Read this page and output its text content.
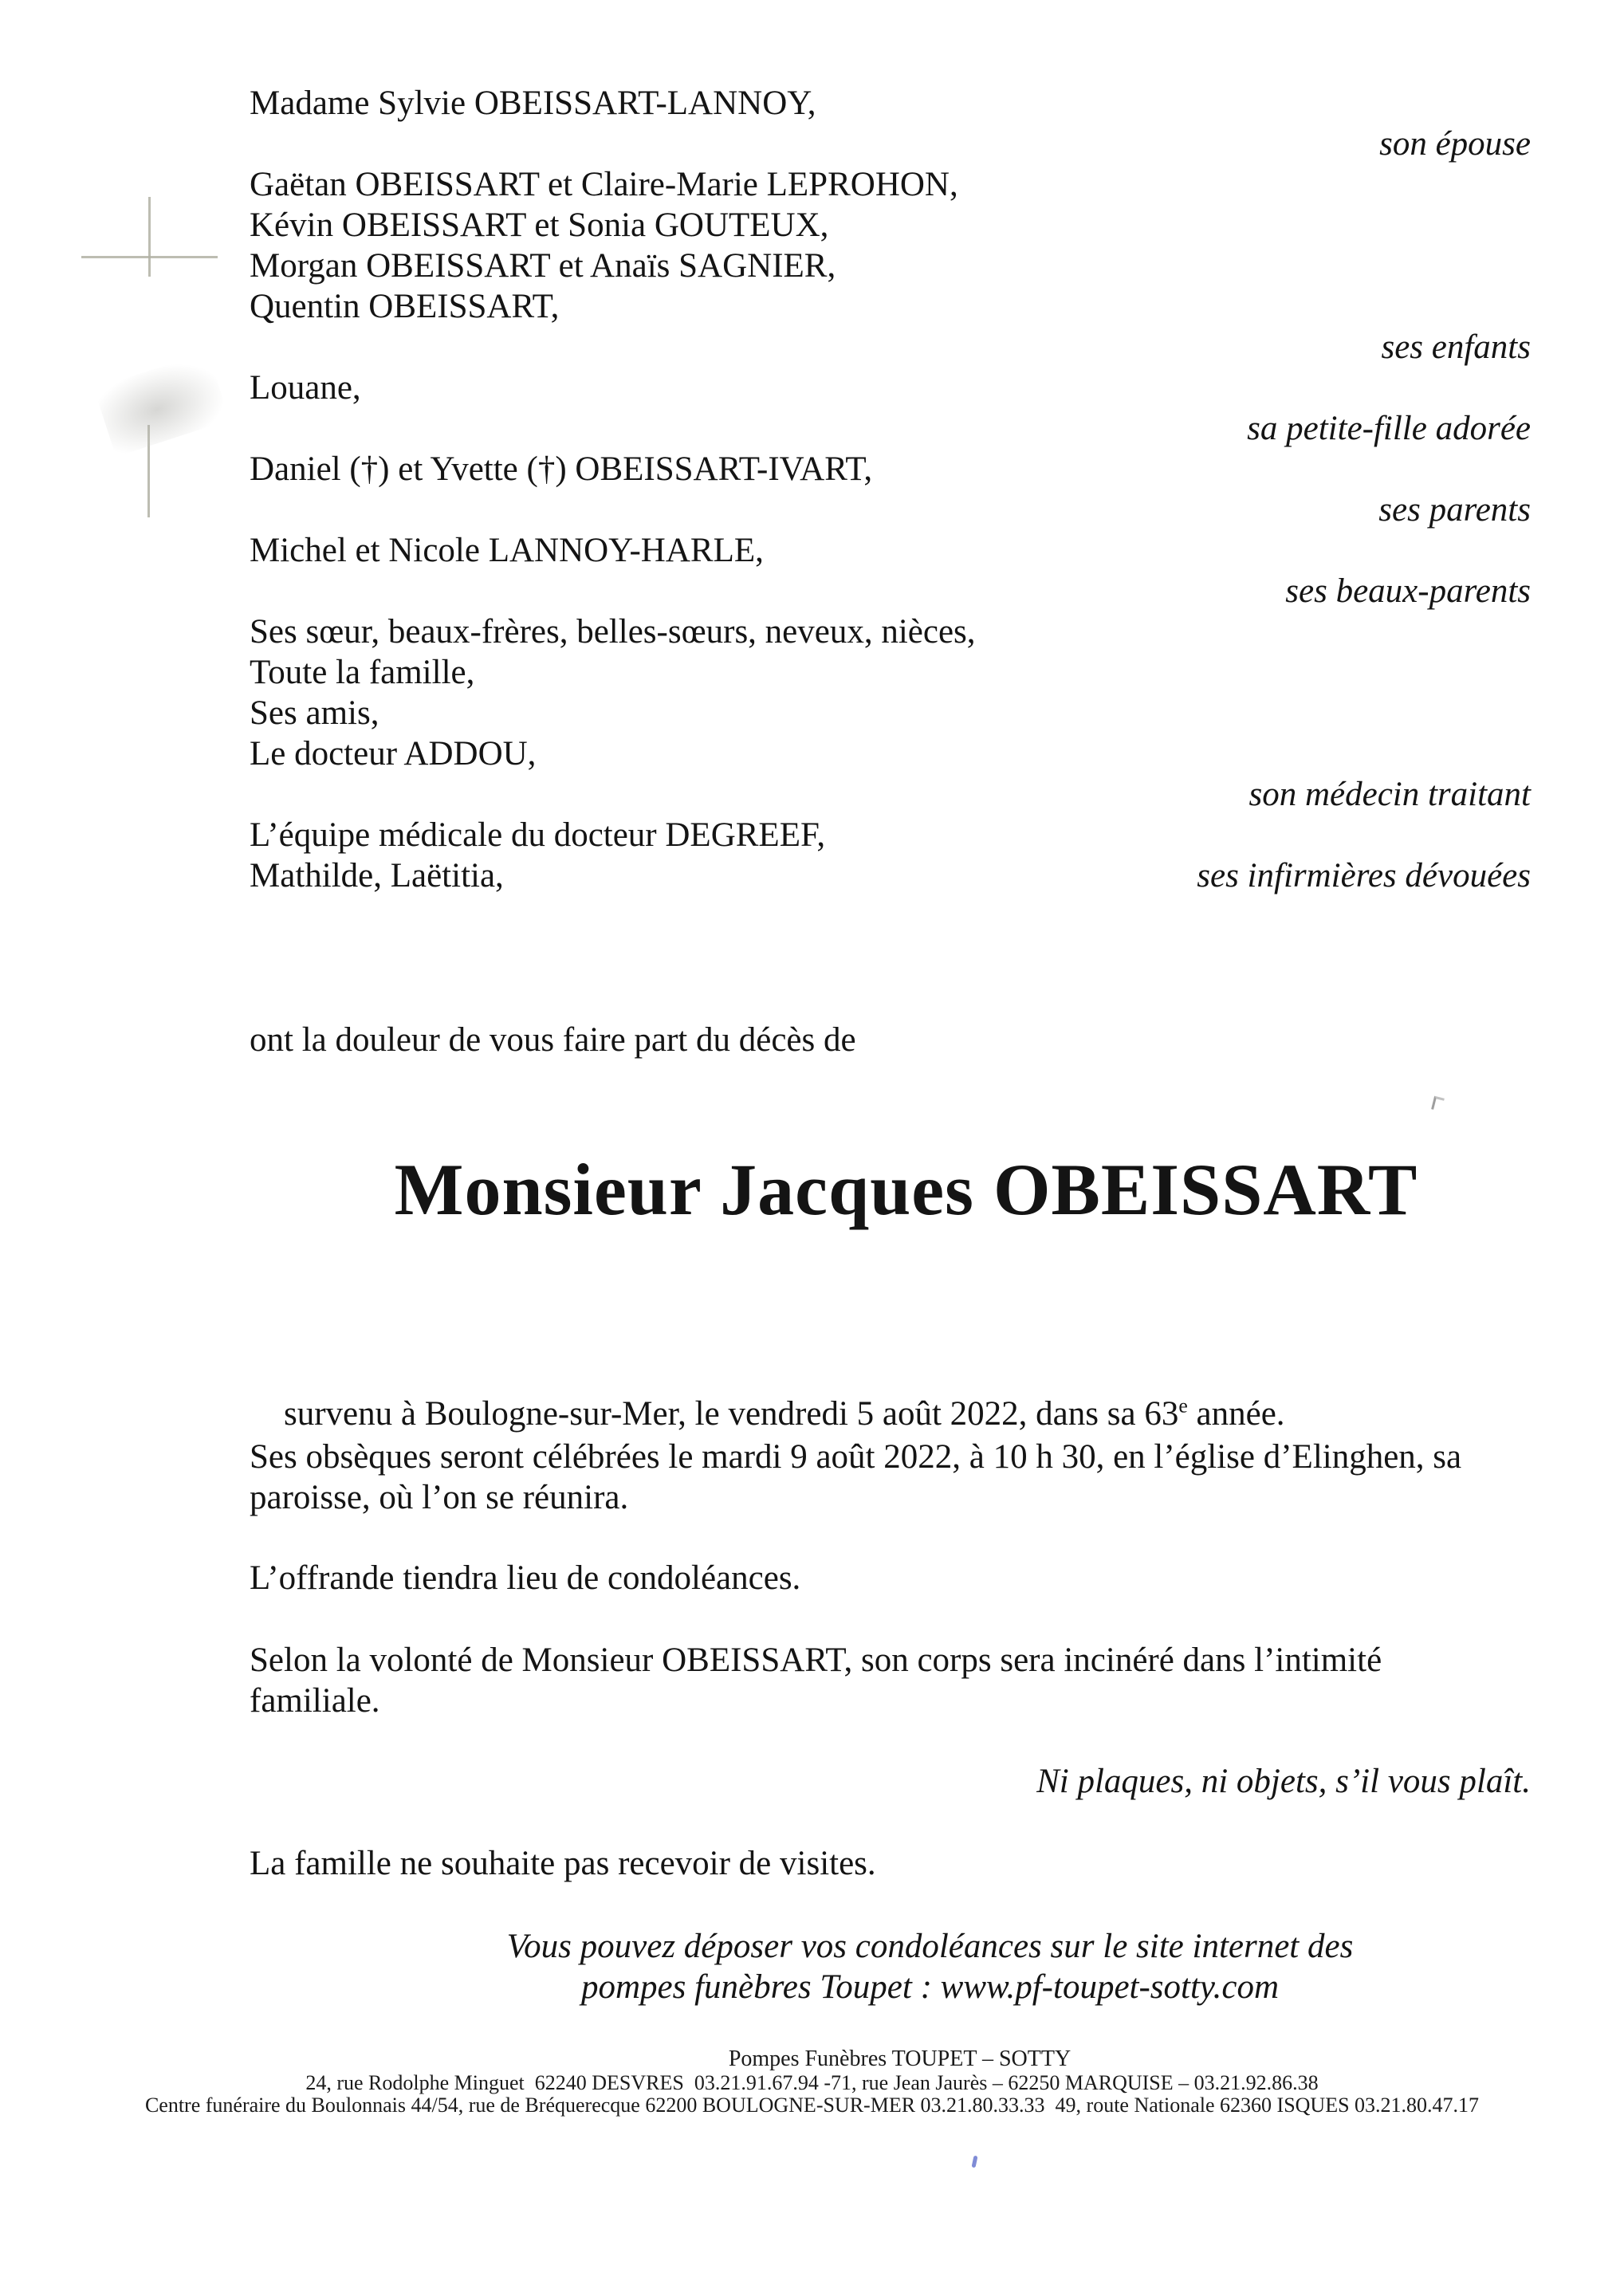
Madame Sylvie OBEISSART-LANNOY,
son épouse
Gaëtan OBEISSART et Claire-Marie LEPROHON,
Kévin OBEISSART et Sonia GOUTEUX,
Morgan OBEISSART et Anaïs SAGNIER,
Quentin OBEISSART,
ses enfants
Louane,
sa petite-fille adorée
Daniel (†) et Yvette (†) OBEISSART-IVART,
ses parents
Michel et Nicole LANNOY-HARLE,
ses beaux-parents
Ses sœur, beaux-frères, belles-sœurs, neveux, nièces,
Toute la famille,
Ses amis,
Le docteur ADDOU,
son médecin traitant
L’équipe médicale du docteur DEGREEF,
Mathilde, Laëtitia,	ses infirmières dévouées
ont la douleur de vous faire part du décès de
Monsieur Jacques OBEISSART

survenu à Boulogne-sur-Mer, le vendredi 5 août 2022, dans sa 63e année.

Ses obsèques seront célébrées le mardi 9 août 2022, à 10 h 30, en l’église d’Elinghen, sa
paroisse, où l’on se réunira.
L’offrande tiendra lieu de condoléances.
Selon la volonté de Monsieur OBEISSART, son corps sera incinéré dans l’intimité
familiale.
Ni plaques, ni objets, s’il vous plaît.
La famille ne souhaite pas recevoir de visites.
Vous pouvez déposer vos condoléances sur le site internet des
pompes funèbres Toupet : www.pf-toupet-sotty.com
Pompes Funèbres TOUPET – SOTTY
24, rue Rodolphe Minguet  62240 DESVRES  03.21.91.67.94 -71, rue Jean Jaurès – 62250 MARQUISE – 03.21.92.86.38
Centre funéraire du Boulonnais 44/54, rue de Bréquerecque 62200 BOULOGNE-SUR-MER 03.21.80.33.33  49, route Nationale 62360 ISQUES 03.21.80.47.17
